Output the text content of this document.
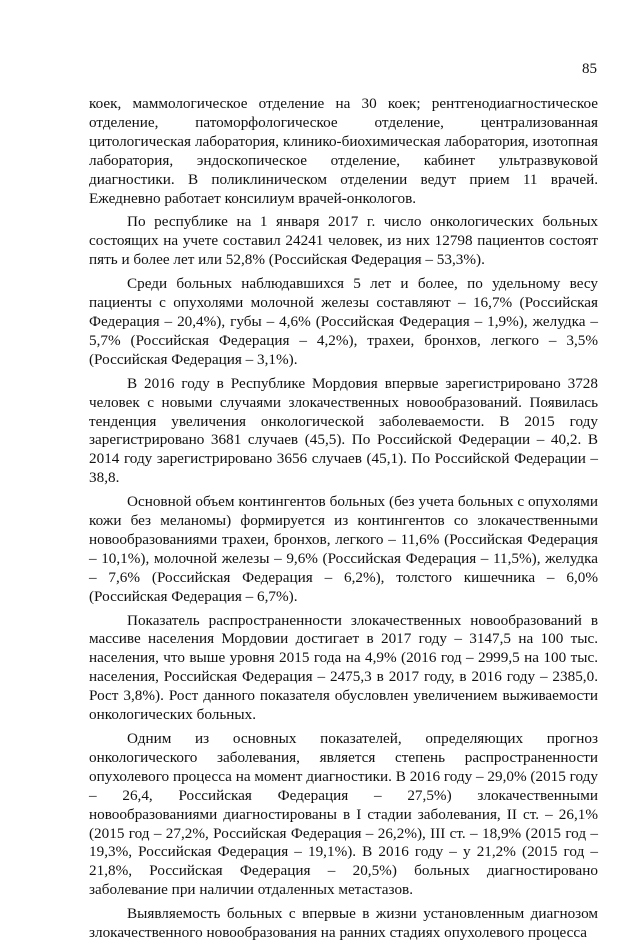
85

коек, маммологическое отделение на 30 коек; рентгенодиагностическое отделение, патоморфологическое отделение, централизованная цитологическая лаборатория, клинико-биохимическая лаборатория, изотопная лаборатория, эндоскопическое отделение, кабинет ультразвуковой диагностики. В поликлиническом отделении ведут прием 11 врачей. Ежедневно работает консилиум врачей-онкологов.

По республике на 1 января 2017 г. число онкологических больных состоящих на учете составил 24241 человек, из них 12798 пациентов состоят пять и более лет или 52,8% (Российская Федерация – 53,3%).

Среди больных наблюдавшихся 5 лет и более, по удельному весу пациенты с опухолями молочной железы составляют – 16,7% (Российская Федерация – 20,4%), губы – 4,6% (Российская Федерация – 1,9%), желудка – 5,7% (Российская Федерация – 4,2%), трахеи, бронхов, легкого – 3,5% (Российская Федерация – 3,1%).

В 2016 году в Республике Мордовия впервые зарегистрировано 3728 человек с новыми случаями злокачественных новообразований. Появилась тенденция увеличения онкологической заболеваемости. В 2015 году зарегистрировано 3681 случаев (45,5). По Российской Федерации – 40,2. В 2014 году зарегистрировано 3656 случаев (45,1). По Российской Федерации – 38,8.

Основной объем контингентов больных (без учета больных с опухолями кожи без меланомы) формируется из контингентов со злокачественными новообразованиями трахеи, бронхов, легкого – 11,6% (Российская Федерация – 10,1%), молочной железы – 9,6% (Российская Федерация – 11,5%), желудка – 7,6% (Российская Федерация – 6,2%), толстого кишечника – 6,0% (Российская Федерация – 6,7%).

Показатель распространенности злокачественных новообразований в массиве населения Мордовии достигает в 2017 году – 3147,5 на 100 тыс. населения, что выше уровня 2015 года на 4,9% (2016 год – 2999,5 на 100 тыс. населения, Российская Федерация – 2475,3 в 2017 году, в 2016 году – 2385,0. Рост 3,8%). Рост данного показателя обусловлен увеличением выживаемости онкологических больных.

Одним из основных показателей, определяющих прогноз онкологического заболевания, является степень распространенности опухолевого процесса на момент диагностики. В 2016 году – 29,0% (2015 году – 26,4, Российская Федерация – 27,5%) злокачественными новообразованиями диагностированы в I стадии заболевания, II ст. – 26,1% (2015 год – 27,2%, Российская Федерация – 26,2%), III ст. – 18,9% (2015 год – 19,3%, Российская Федерация – 19,1%). В 2016 году – у 21,2% (2015 год – 21,8%, Российская Федерация – 20,5%) больных диагностировано заболевание при наличии отдаленных метастазов.

Выявляемость больных с впервые в жизни установленным диагнозом злокачественного новообразования на ранних стадиях опухолевого процесса
